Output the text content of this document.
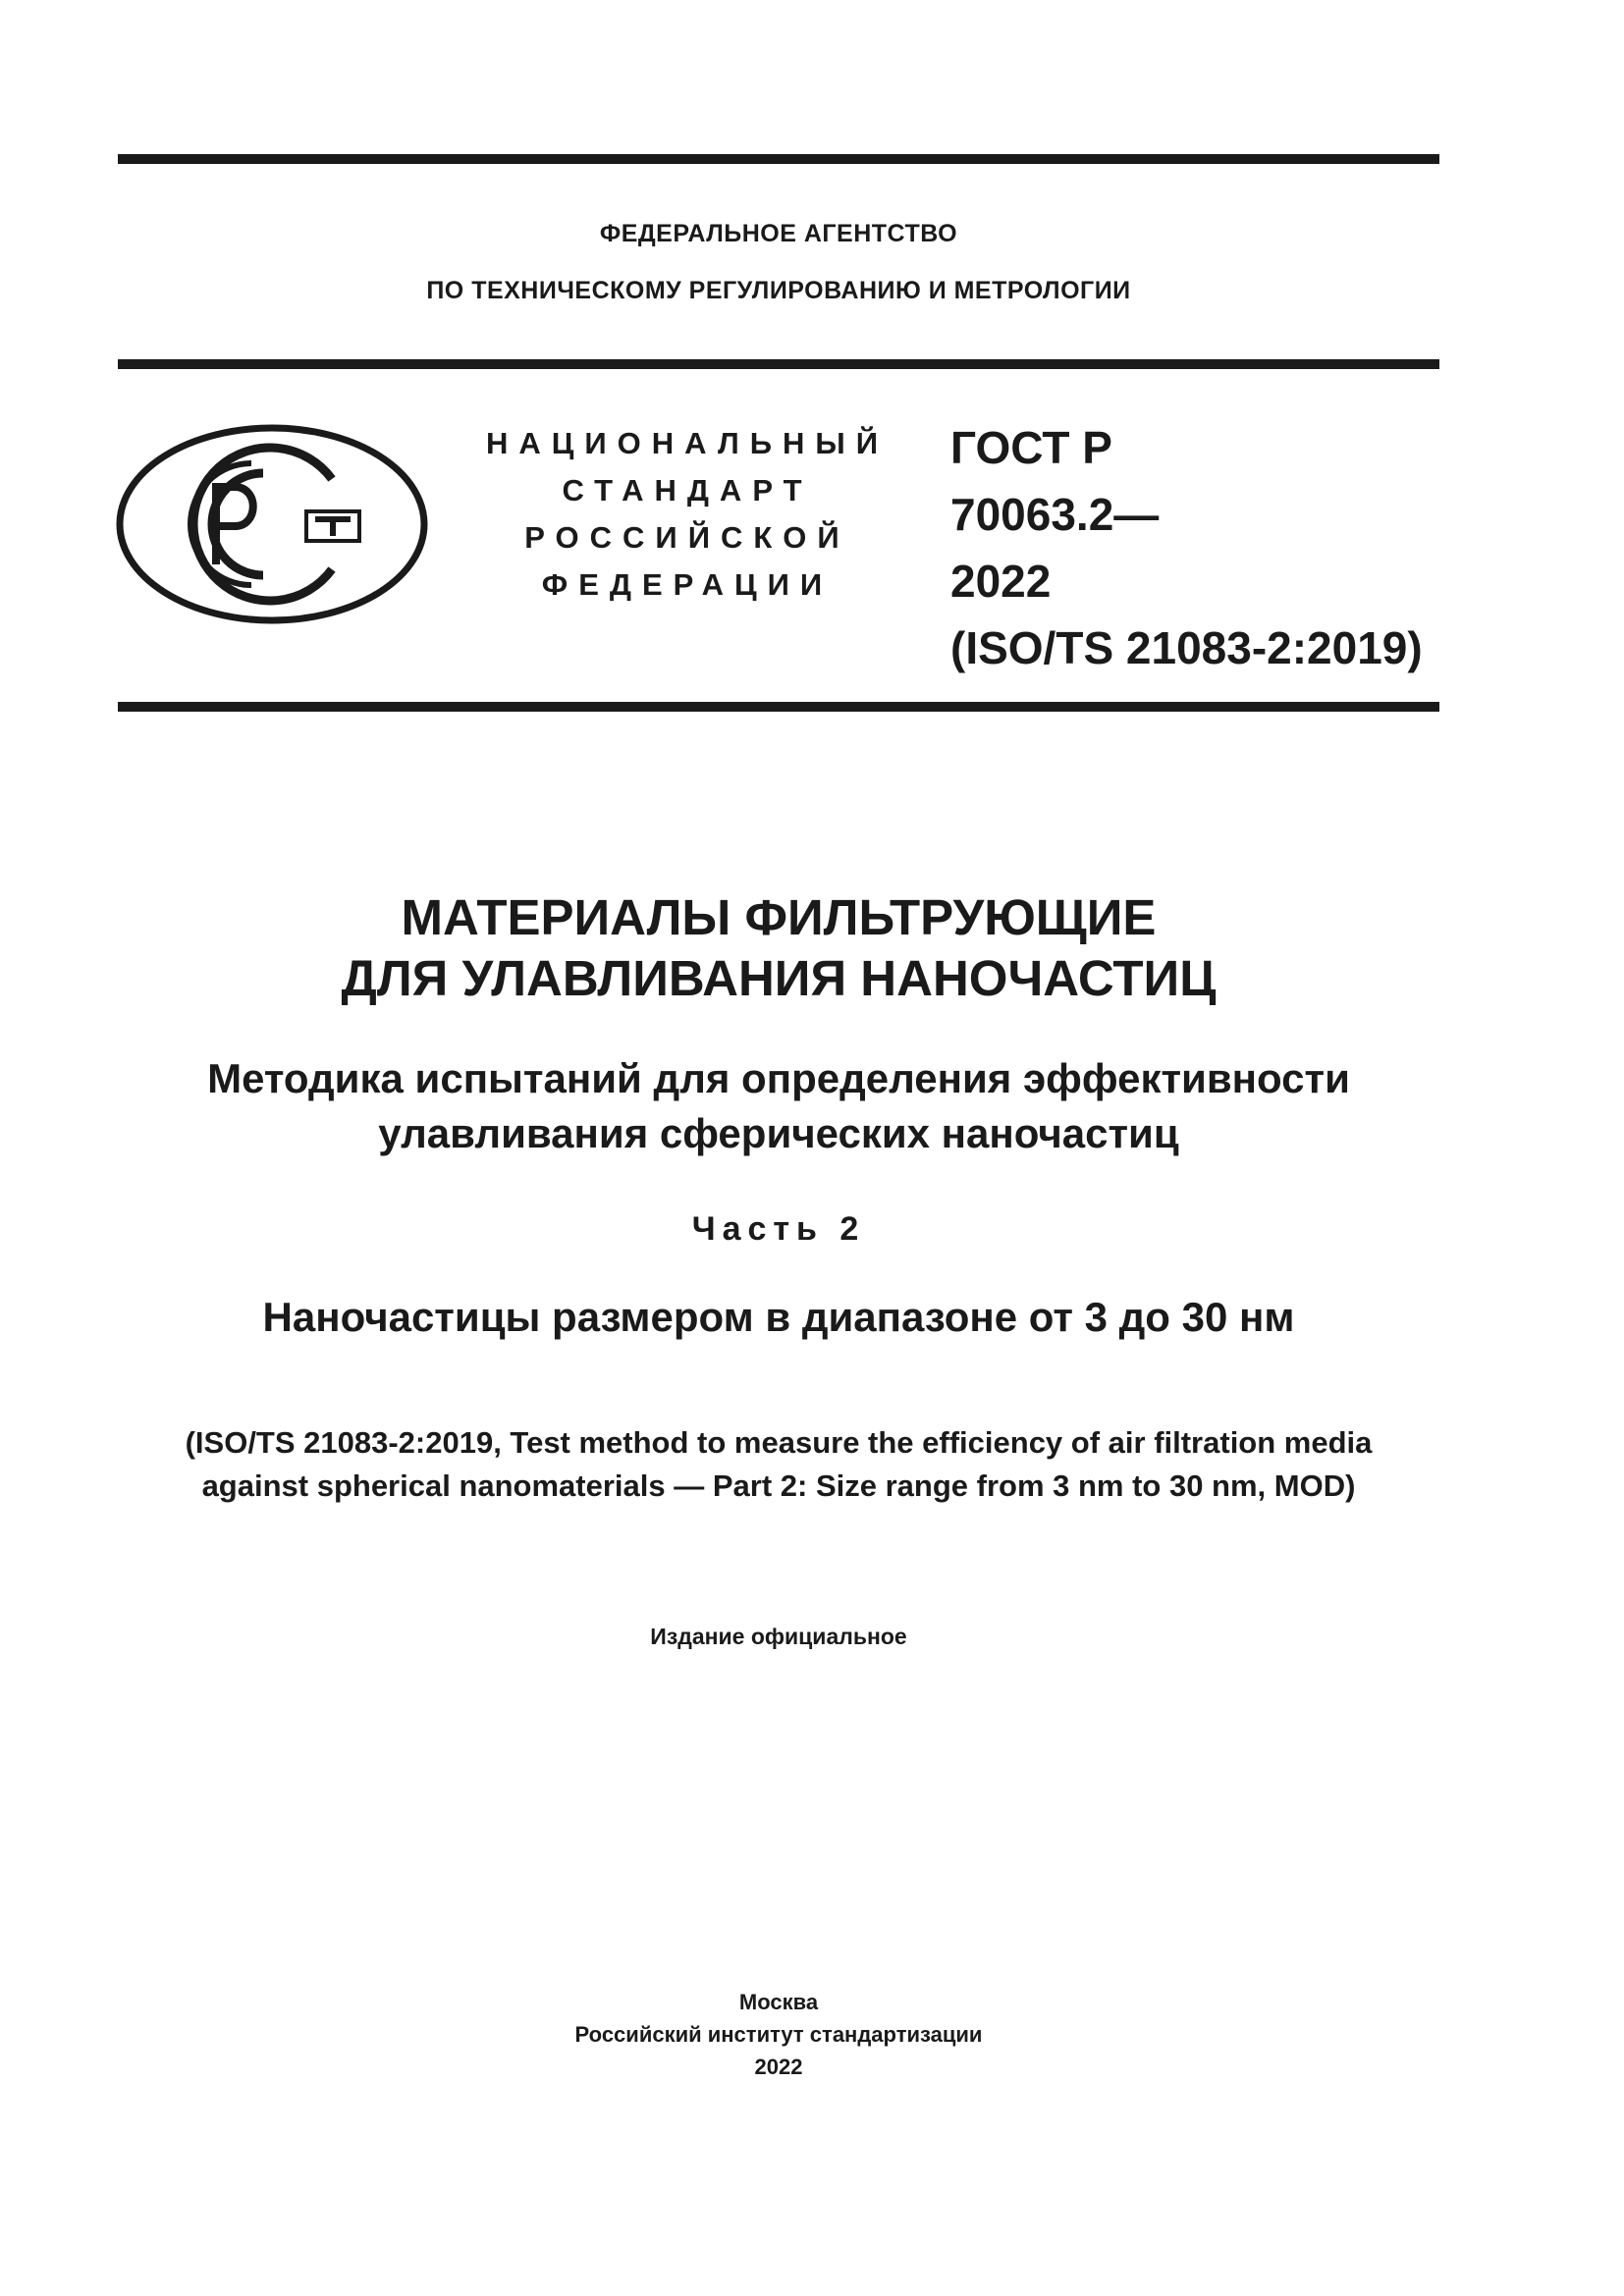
ФЕДЕРАЛЬНОЕ АГЕНТСТВО

ПО ТЕХНИЧЕСКОМУ РЕГУЛИРОВАНИЮ И МЕТРОЛОГИИ

НАЦИОНАЛЬНЫЙ
СТАНДАРТ
РОССИЙСКОЙ
ФЕДЕРАЦИИ
ГОСТ Р
70063.2—
2022
(ISO/TS 21083-2:2019)
МАТЕРИАЛЫ ФИЛЬТРУЮЩИЕ
ДЛЯ УЛАВЛИВАНИЯ НАНОЧАСТИЦ
Методика испытаний для определения эффективности
улавливания сферических наночастиц

Часть 2

Наночастицы размером в диапазоне от 3 до 30 нм

(ISO/TS 21083-2:2019, Test method to measure the efficiency of air filtration media
against spherical nanomaterials — Part 2: Size range from 3 nm to 30 nm, MOD)

Издание официальное

Москва
Российский институт стандартизации
2022
